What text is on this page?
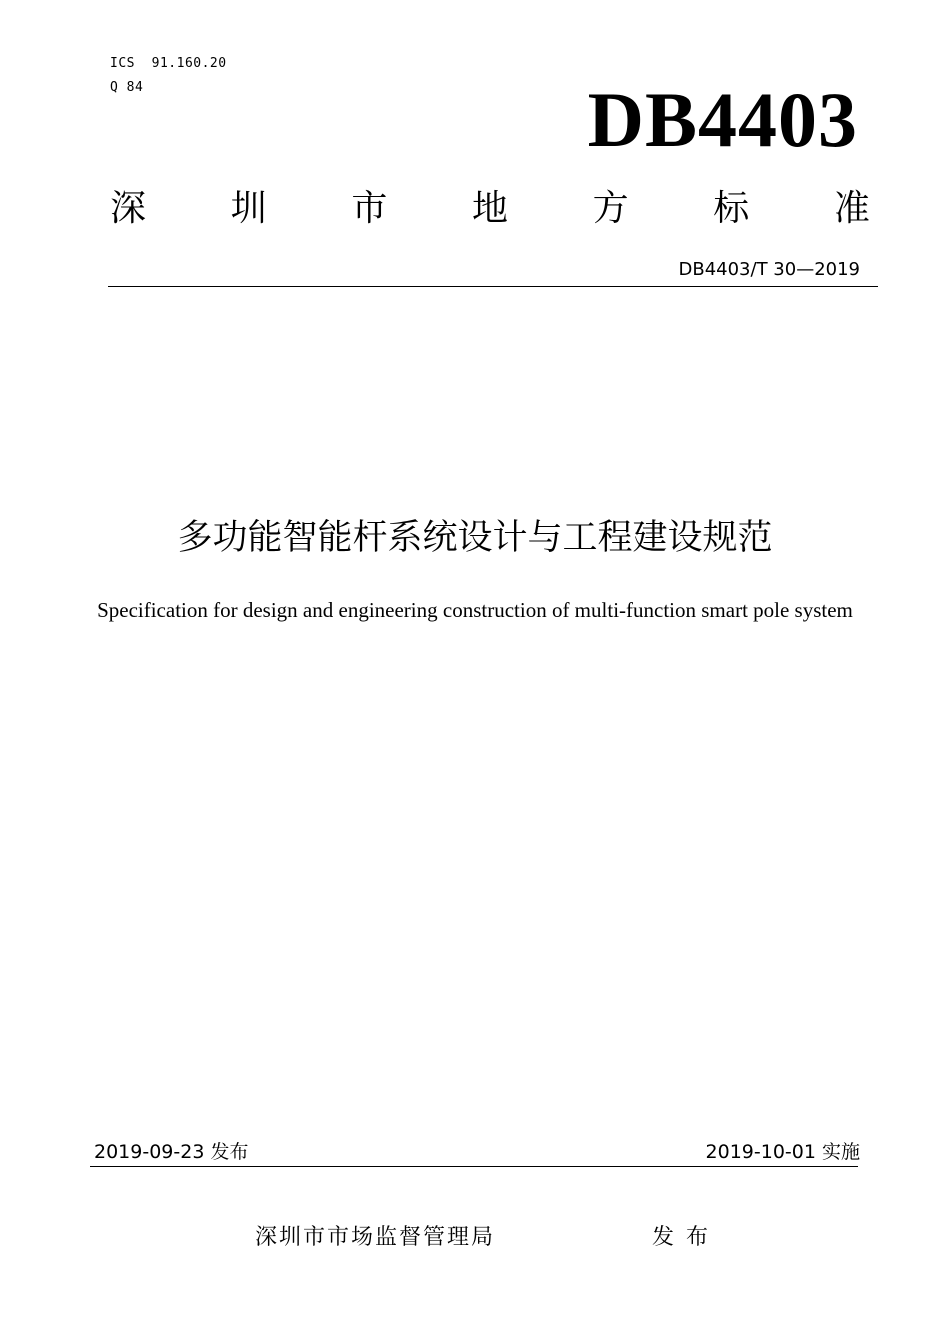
ICS  91.160.20
Q 84	DB4403
深 圳 市 地 方 标 准
DB4403/T 30—2019
多功能智能杆系统设计与工程建设规范
Specification for design and engineering construction of multi-function smart pole system
2019-09-23 发布	2019-10-01 实施
深圳市市场监督管理局	发布
